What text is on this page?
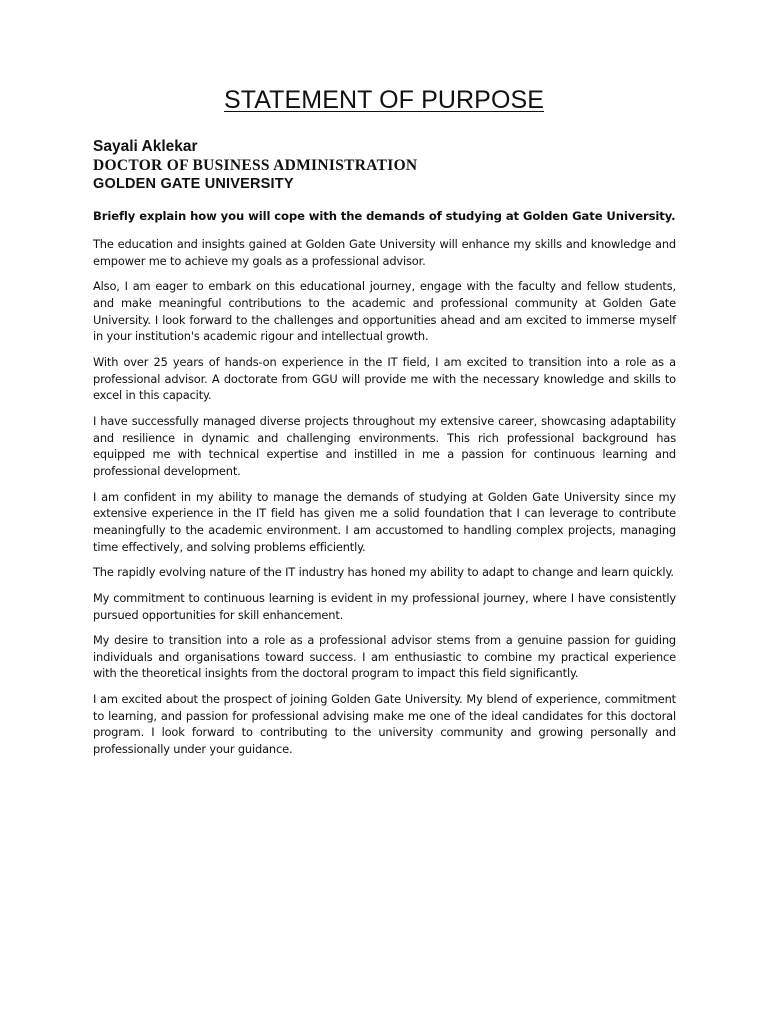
STATEMENT OF PURPOSE
Sayali Aklekar
DOCTOR OF BUSINESS ADMINISTRATION
GOLDEN GATE UNIVERSITY

Briefly explain how you will cope with the demands of studying at Golden Gate University.

The education and insights gained at Golden Gate University will enhance my skills and knowledge and empower me to achieve my goals as a professional advisor.

Also, I am eager to embark on this educational journey, engage with the faculty and fellow students, and make meaningful contributions to the academic and professional community at Golden Gate University. I look forward to the challenges and opportunities ahead and am excited to immerse myself in your institution's academic rigour and intellectual growth.

With over 25 years of hands-on experience in the IT field, I am excited to transition into a role as a professional advisor. A doctorate from GGU will provide me with the necessary knowledge and skills to excel in this capacity.

I have successfully managed diverse projects throughout my extensive career, showcasing adaptability and resilience in dynamic and challenging environments. This rich professional background has equipped me with technical expertise and instilled in me a passion for continuous learning and professional development.

I am confident in my ability to manage the demands of studying at Golden Gate University since my extensive experience in the IT field has given me a solid foundation that I can leverage to contribute meaningfully to the academic environment. I am accustomed to handling complex projects, managing time effectively, and solving problems efficiently.

The rapidly evolving nature of the IT industry has honed my ability to adapt to change and learn quickly.

My commitment to continuous learning is evident in my professional journey, where I have consistently pursued opportunities for skill enhancement.

My desire to transition into a role as a professional advisor stems from a genuine passion for guiding individuals and organisations toward success. I am enthusiastic to combine my practical experience with the theoretical insights from the doctoral program to impact this field significantly.

I am excited about the prospect of joining Golden Gate University. My blend of experience, commitment to learning, and passion for professional advising make me one of the ideal candidates for this doctoral program. I look forward to contributing to the university community and growing personally and professionally under your guidance.
